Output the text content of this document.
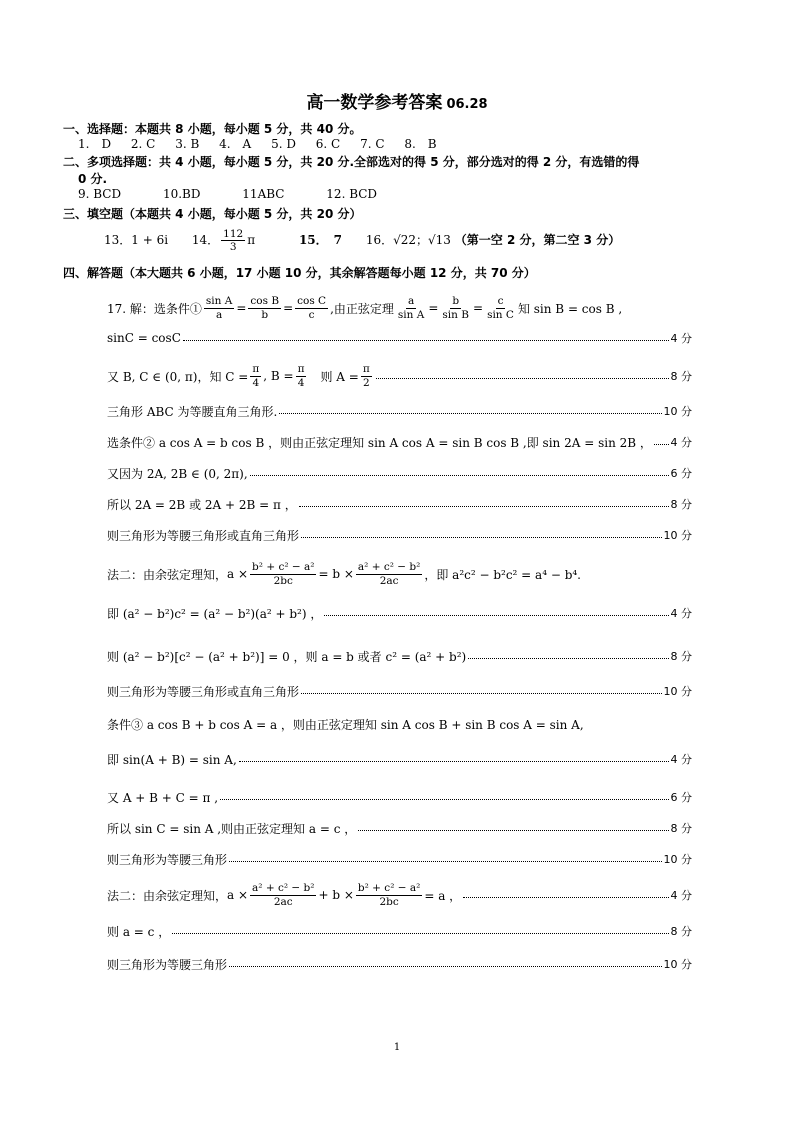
高一数学参考答案 06.28
一、选择题：本题共 8 小题，每小题 5 分，共 40 分。
1.　D 2. C 3. B 4.　A 5. D 6. C 7. C 8.　B
二、多项选择题：共 4 小题，每小题 5 分，共 20 分.全部选对的得 5 分，部分选对的得 2 分，有选错的得
0 分.
9. BCD	10.BD	11ABC	12. BCD
三、填空题（本题共 4 小题，每小题 5 分，共 20 分）
13．1 + 6i 14． $\frac{112}{3}$ π	15．　7 16．√22；√13 （第一空 2 分，第二空 3 分）
四、解答题（本大题共 6 小题，17 小题 10 分，其余解答题每小题 12 分，共 70 分）
17. 解：选条件① $\frac{\text{sin A}}{a} = \frac{\text{cos B}}{b} = \frac{\text{cos C}}{c}$ ,由正弦定理 $\frac{a}{\text{sin A}} = \frac{b}{\text{sin B}} = \frac{c}{\text{sin C}}$ 知 sin B = cos B ,
sinC = cosC	4 分
又 B, C ∈ (0, π)，知 $C = \frac{\pi}{4}$ , $B = \frac{\pi}{4}$ 　则 $A = \frac{\pi}{2}$	8 分
三角形 ABC 为等腰直角三角形.	10 分
选条件② a cos A = b cos B ，则由正弦定理知 sin A cos A = sin B cos B ,即 sin 2A = sin 2B ， 4 分
又因为 2A, 2B ∈ (0, 2π),	6 分
所以 2A = 2B 或 2A + 2B = π ，	8 分
则三角形为等腰三角形或直角三角形	10 分
法二：由余弦定理知， $a \times \frac{\text{b² + c² − a²}}{2bc} = b \times \frac{\text{a² + c² − b²}}{2ac}$ ，即 a²c² − b²c² = a⁴ − b⁴.
即 (a² − b²)c² = (a² − b²)(a² + b²) ，	4 分
则 (a² − b²)[c² − (a² + b²)] = 0 ，则 a = b 或者 c² = (a² + b²)	8 分
则三角形为等腰三角形或直角三角形	10 分
条件③ a cos B + b cos A = a ，则由正弦定理知 sin A cos B + sin B cos A = sin A,
即 sin(A + B) = sin A,	4 分
又 A + B + C = π ,	6 分
所以 sin C = sin A ,则由正弦定理知 a = c ，	8 分
则三角形为等腰三角形	10 分
法二：由余弦定理知， $a \times \frac{\text{a² + c² − b²}}{2ac} + b \times \frac{\text{b² + c² − a²}}{2bc} = a$ ，	4 分
则 a = c ，	8 分
则三角形为等腰三角形	10 分
1
